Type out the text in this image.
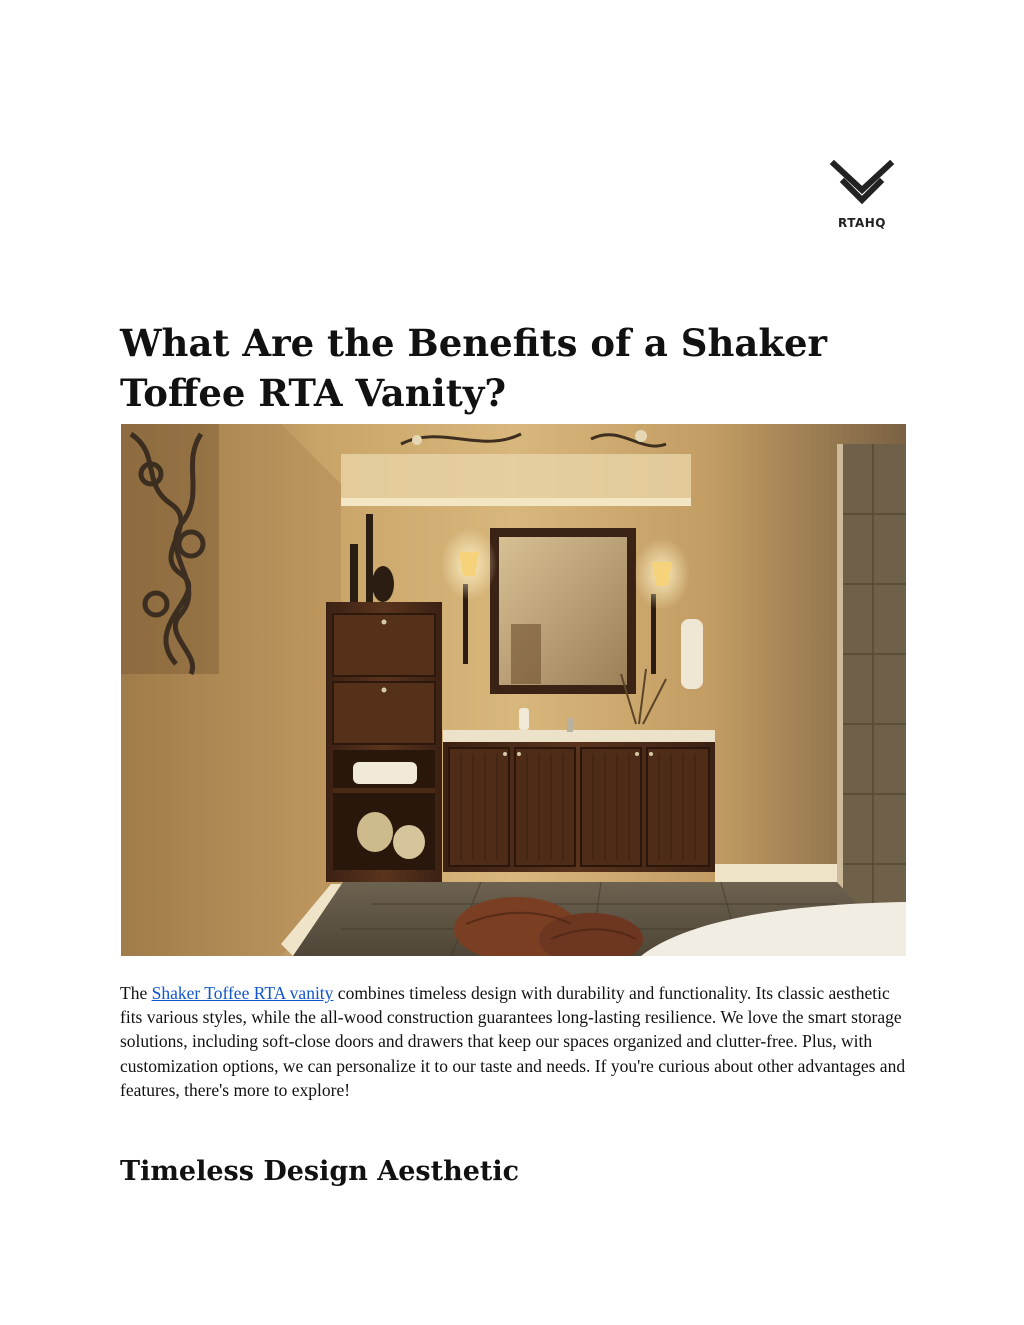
RTAHQ
What Are the Benefits of a Shaker Toffee RTA Vanity?

The Shaker Toffee RTA vanity combines timeless design with durability and functionality. Its classic aesthetic fits various styles, while the all-wood construction guarantees long-lasting resilience. We love the smart storage solutions, including soft-close doors and drawers that keep our spaces organized and clutter-free. Plus, with customization options, we can personalize it to our taste and needs. If you're curious about other advantages and features, there's more to explore!

Timeless Design Aesthetic
